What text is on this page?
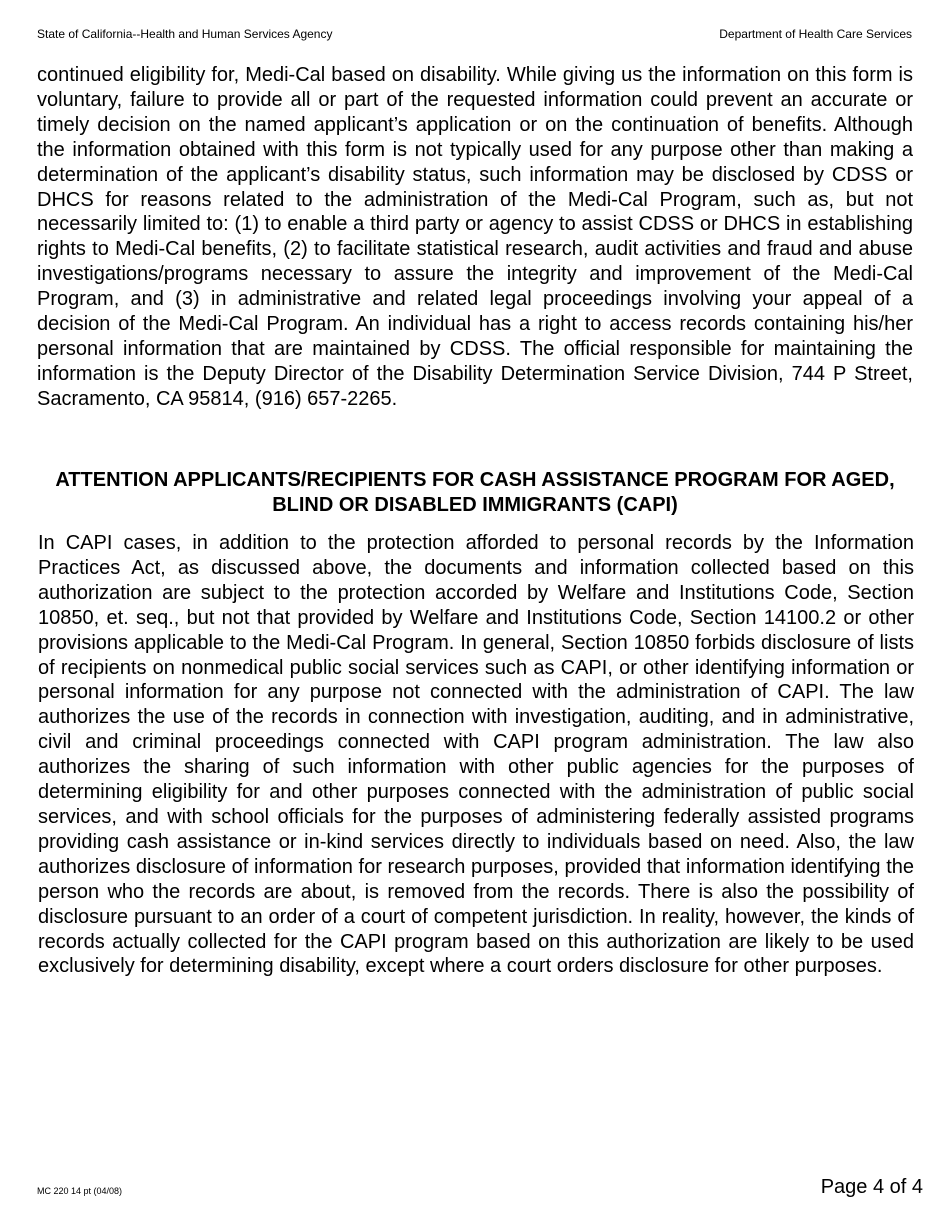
State of California--Health and Human Services Agency	Department of Health Care Services

continued eligibility for, Medi-Cal based on disability. While giving us the information on this form is voluntary, failure to provide all or part of the requested information could prevent an accurate or timely decision on the named applicant’s application or on the continuation of benefits. Although the information obtained with this form is not typically used for any purpose other than making a determination of the applicant’s disability status, such information may be disclosed by CDSS or DHCS for reasons related to the administration of the Medi-Cal Program, such as, but not necessarily limited to: (1) to enable a third party or agency to assist CDSS or DHCS in establishing rights to Medi-Cal benefits, (2) to facilitate statistical research, audit activities and fraud and abuse investigations/programs necessary to assure the integrity and improvement of the Medi-Cal Program, and (3) in administrative and related legal proceedings involving your appeal of a decision of the Medi-Cal Program. An individual has a right to access records containing his/her personal information that are maintained by CDSS. The official responsible for maintaining the information is the Deputy Director of the Disability Determination Service Division, 744 P Street, Sacramento, CA 95814, (916) 657-2265.

ATTENTION APPLICANTS/RECIPIENTS FOR CASH ASSISTANCE PROGRAM FOR AGED, BLIND OR DISABLED IMMIGRANTS (CAPI)

In CAPI cases, in addition to the protection afforded to personal records by the Information Practices Act, as discussed above, the documents and information collected based on this authorization are subject to the protection accorded by Welfare and Institutions Code, Section 10850, et. seq., but not that provided by Welfare and Institutions Code, Section 14100.2 or other provisions applicable to the Medi-Cal Program. In general, Section 10850 forbids disclosure of lists of recipients on nonmedical public social services such as CAPI, or other identifying information or personal information for any purpose not connected with the administration of CAPI. The law authorizes the use of the records in connection with investigation, auditing, and in administrative, civil and criminal proceedings connected with CAPI program administration. The law also authorizes the sharing of such information with other public agencies for the purposes of determining eligibility for and other purposes connected with the administration of public social services, and with school officials for the purposes of administering federally assisted programs providing cash assistance or in-kind services directly to individuals based on need. Also, the law authorizes disclosure of information for research purposes, provided that information identifying the person who the records are about, is removed from the records. There is also the possibility of disclosure pursuant to an order of a court of competent jurisdiction. In reality, however, the kinds of records actually collected for the CAPI program based on this authorization are likely to be used exclusively for determining disability, except where a court orders disclosure for other purposes.

MC 220 14 pt (04/08)	Page 4 of 4
